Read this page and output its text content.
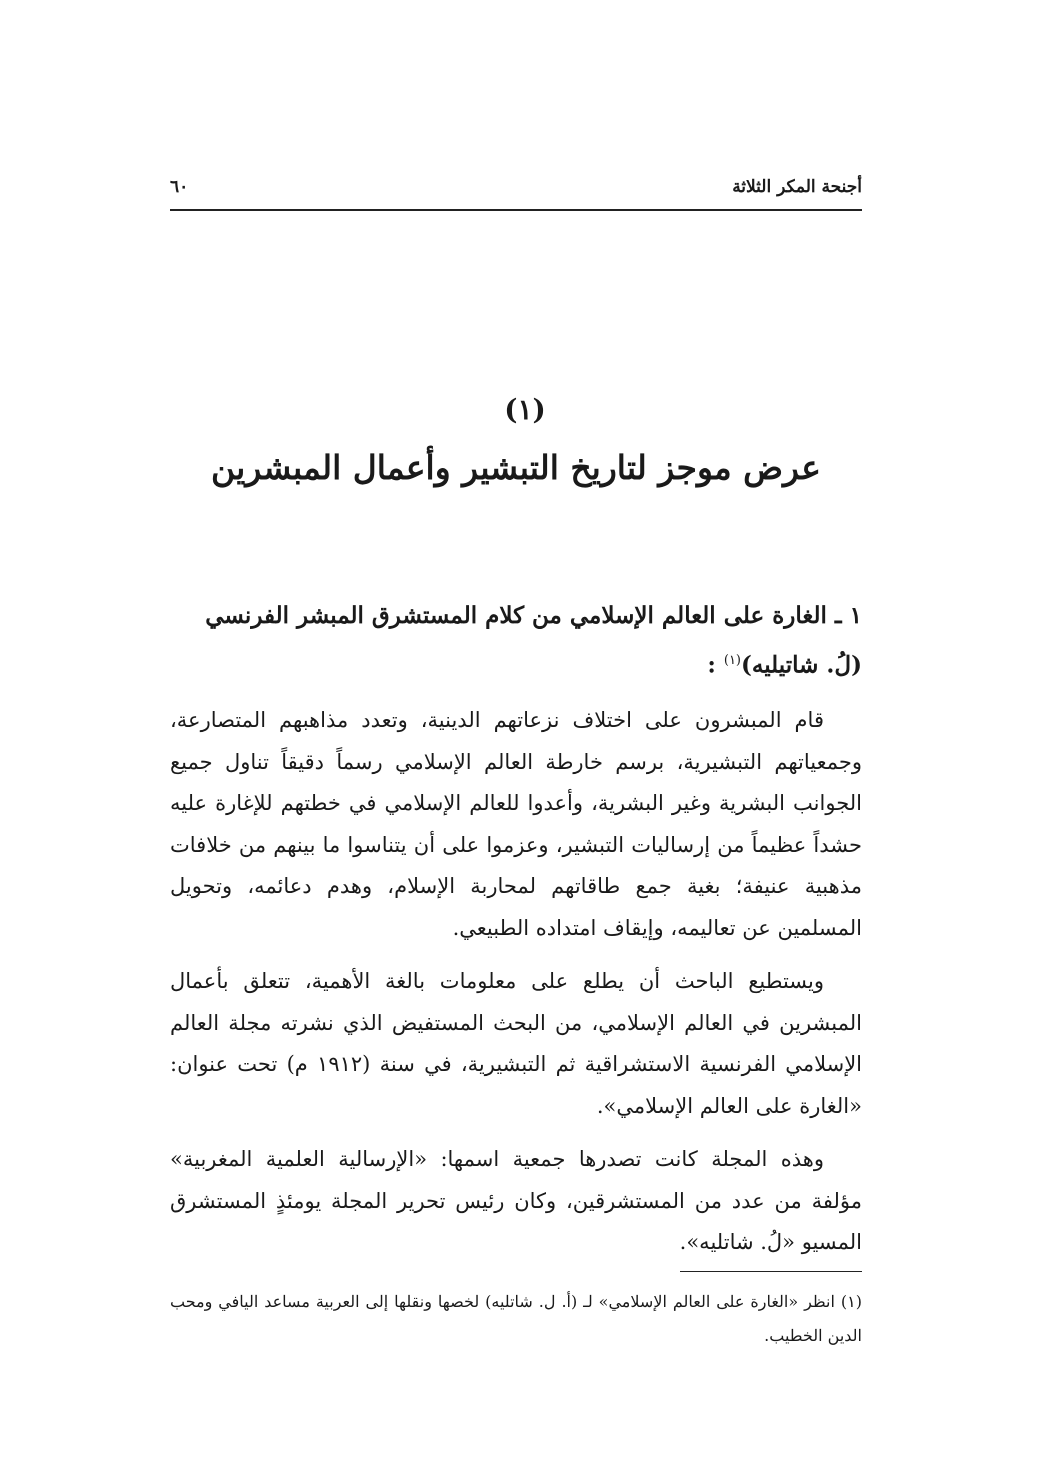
أجنحة المكر الثلاثة
٦٠
(١)
عرض موجز لتاريخ التبشير وأعمال المبشرين
١ ـ الغارة على العالم الإسلامي من كلام المستشرق المبشر الفرنسي (لُ. شاتيليه)$^{(١)}$ :

قام المبشرون على اختلاف نزعاتهم الدينية، وتعدد مذاهبهم المتصارعة، وجمعياتهم التبشيرية، برسم خارطة العالم الإسلامي رسماً دقيقاً تناول جميع الجوانب البشرية وغير البشرية، وأعدوا للعالم الإسلامي في خطتهم للإغارة عليه حشداً عظيماً من إرساليات التبشير، وعزموا على أن يتناسوا ما بينهم من خلافات مذهبية عنيفة؛ بغية جمع طاقاتهم لمحاربة الإسلام، وهدم دعائمه، وتحويل المسلمين عن تعاليمه، وإيقاف امتداده الطبيعي.

ويستطيع الباحث أن يطلع على معلومات بالغة الأهمية، تتعلق بأعمال المبشرين في العالم الإسلامي، من البحث المستفيض الذي نشرته مجلة العالم الإسلامي الفرنسية الاستشراقية ثم التبشيرية، في سنة (١٩١٢ م) تحت عنوان: «الغارة على العالم الإسلامي».

وهذه المجلة كانت تصدرها جمعية اسمها: «الإرسالية العلمية المغربية» مؤلفة من عدد من المستشرقين، وكان رئيس تحرير المجلة يومئذٍ المستشرق المسيو «لُ. شاتليه».

(١) انظر «الغارة على العالم الإسلامي» لـ (أ. ل. شاتليه) لخصها ونقلها إلى العربية مساعد اليافي ومحب الدين الخطيب.
